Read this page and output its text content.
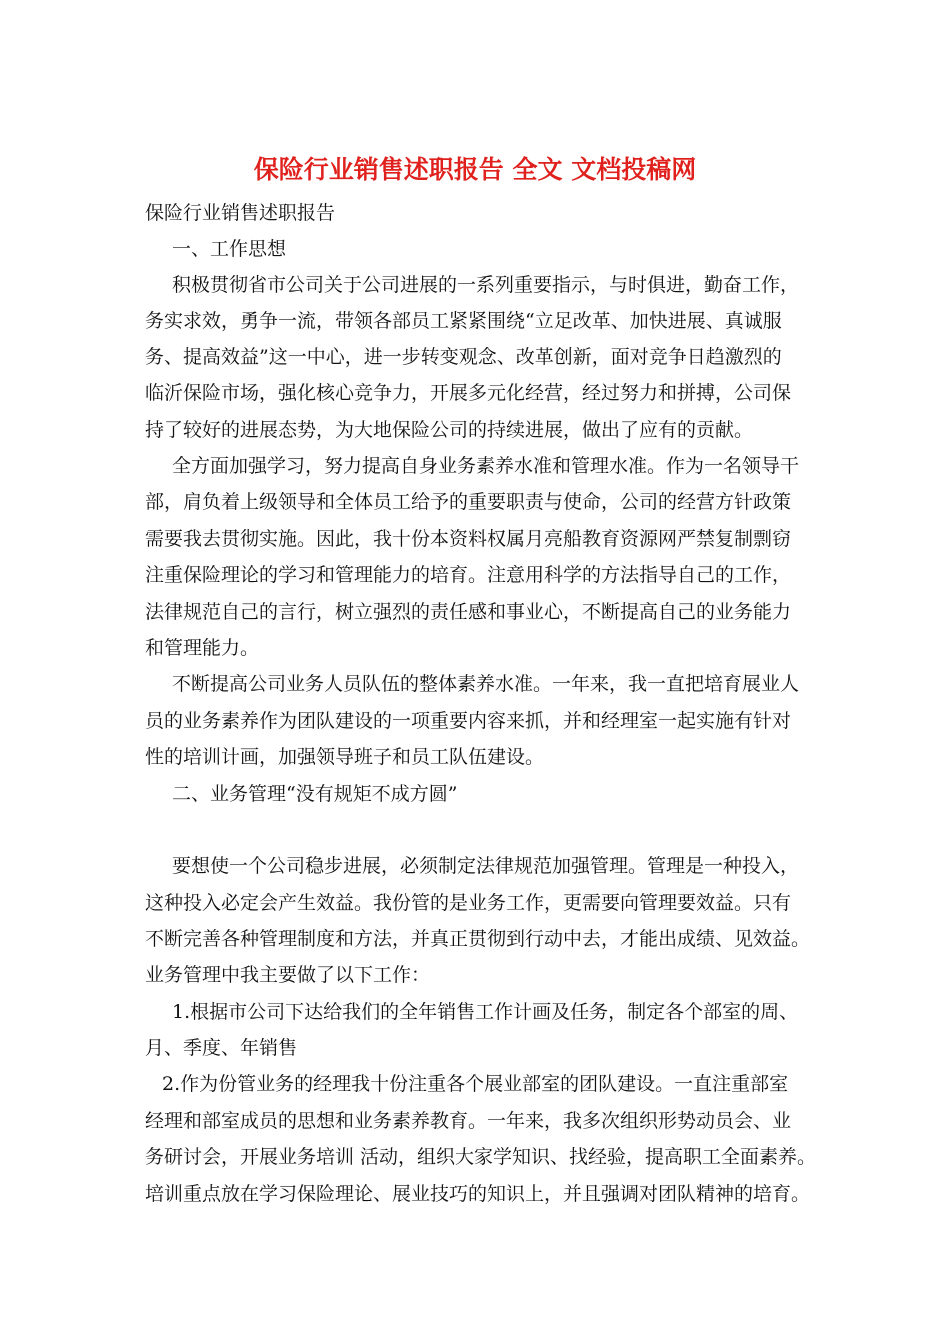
保险行业销售述职报告 全文 文档投稿网
保险行业销售述职报告
一、工作思想
积极贯彻省市公司关于公司进展的一系列重要指示，与时俱进，勤奋工作，
务实求效，勇争一流，带领各部员工紧紧围绕“立足改革、加快进展、真诚服
务、提高效益”这一中心，进一步转变观念、改革创新，面对竞争日趋激烈的
临沂保险市场，强化核心竞争力，开展多元化经营，经过努力和拼搏，公司保
持了较好的进展态势，为大地保险公司的持续进展，做出了应有的贡献。
全方面加强学习，努力提高自身业务素养水准和管理水准。作为一名领导干
部，肩负着上级领导和全体员工给予的重要职责与使命，公司的经营方针政策
需要我去贯彻实施。因此，我十份本资料权属月亮船教育资源网严禁复制剽窃
注重保险理论的学习和管理能力的培育。注意用科学的方法指导自己的工作，
法律规范自己的言行，树立强烈的责任感和事业心，不断提高自己的业务能力
和管理能力。
不断提高公司业务人员队伍的整体素养水准。一年来，我一直把培育展业人
员的业务素养作为团队建设的一项重要内容来抓，并和经理室一起实施有针对
性的培训计画，加强领导班子和员工队伍建设。
二、业务管理“没有规矩不成方圆”
要想使一个公司稳步进展，必须制定法律规范加强管理。管理是一种投入，
这种投入必定会产生效益。我份管的是业务工作，更需要向管理要效益。只有
不断完善各种管理制度和方法，并真正贯彻到行动中去，才能出成绩、见效益。
业务管理中我主要做了以下工作：
1.根据市公司下达给我们的全年销售工作计画及任务，制定各个部室的周、
月、季度、年销售
2.作为份管业务的经理我十份注重各个展业部室的团队建设。一直注重部室
经理和部室成员的思想和业务素养教育。一年来，我多次组织形势动员会、业
务研讨会，开展业务培训 活动，组织大家学知识、找经验，提高职工全面素养。
培训重点放在学习保险理论、展业技巧的知识上，并且强调对团队精神的培育。
